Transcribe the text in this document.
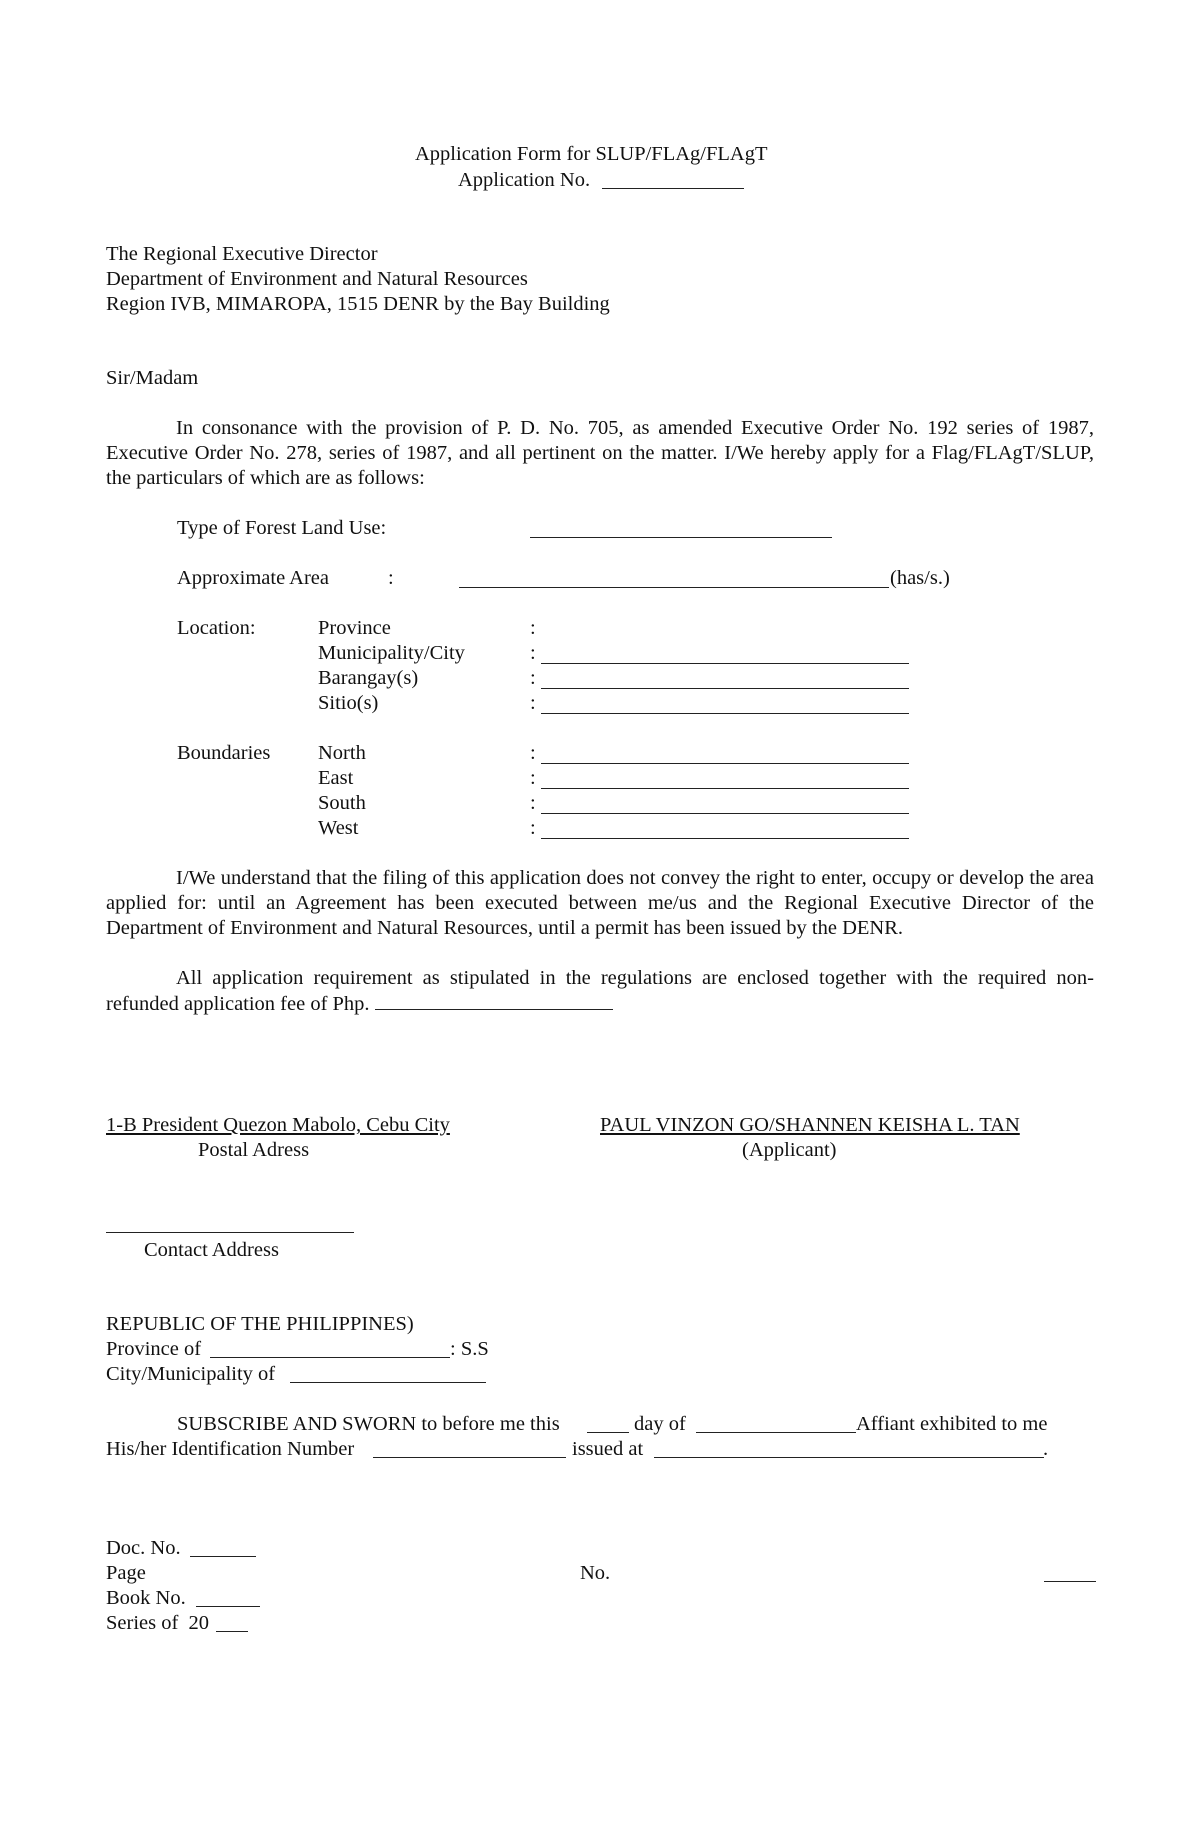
Application Form for SLUP/FLAg/FLAgT
Application No.
The Regional Executive Director
Department of Environment and Natural Resources
Region IVB, MIMAROPA, 1515 DENR by the Bay Building
Sir/Madam
In consonance with the provision of P. D. No. 705, as amended Executive Order No. 192 series of 1987, Executive Order No. 278, series of 1987, and all pertinent on the matter. I/We hereby apply for a Flag/FLAgT/SLUP, the particulars of which are as follows:
Type of Forest Land Use:
Approximate Area	:	(has/s.)
Location:	Province	:
Municipality/City	:
Barangay(s)	:
Sitio(s)	:
Boundaries North	:
East	:
South	:
West	:
I/We understand that the filing of this application does not convey the right to enter, occupy or develop the area applied for: until an Agreement has been executed between me/us and the Regional Executive Director of the Department of Environment and Natural Resources, until a permit has been issued by the DENR.
All application requirement as stipulated in the regulations are enclosed together with the required non-refunded application fee of Php.
1-B President Quezon Mabolo, Cebu City
Postal Adress
PAUL VINZON GO/SHANNEN KEISHA L. TAN
(Applicant)
Contact Address
REPUBLIC OF THE PHILIPPINES)
Province of	: S.S
City/Municipality of
SUBSCRIBE AND SWORN to before me this	day of	Affiant exhibited to me
His/her Identification Number	issued at	.
Doc. No.
Page	No.
Book No.
Series of  20
